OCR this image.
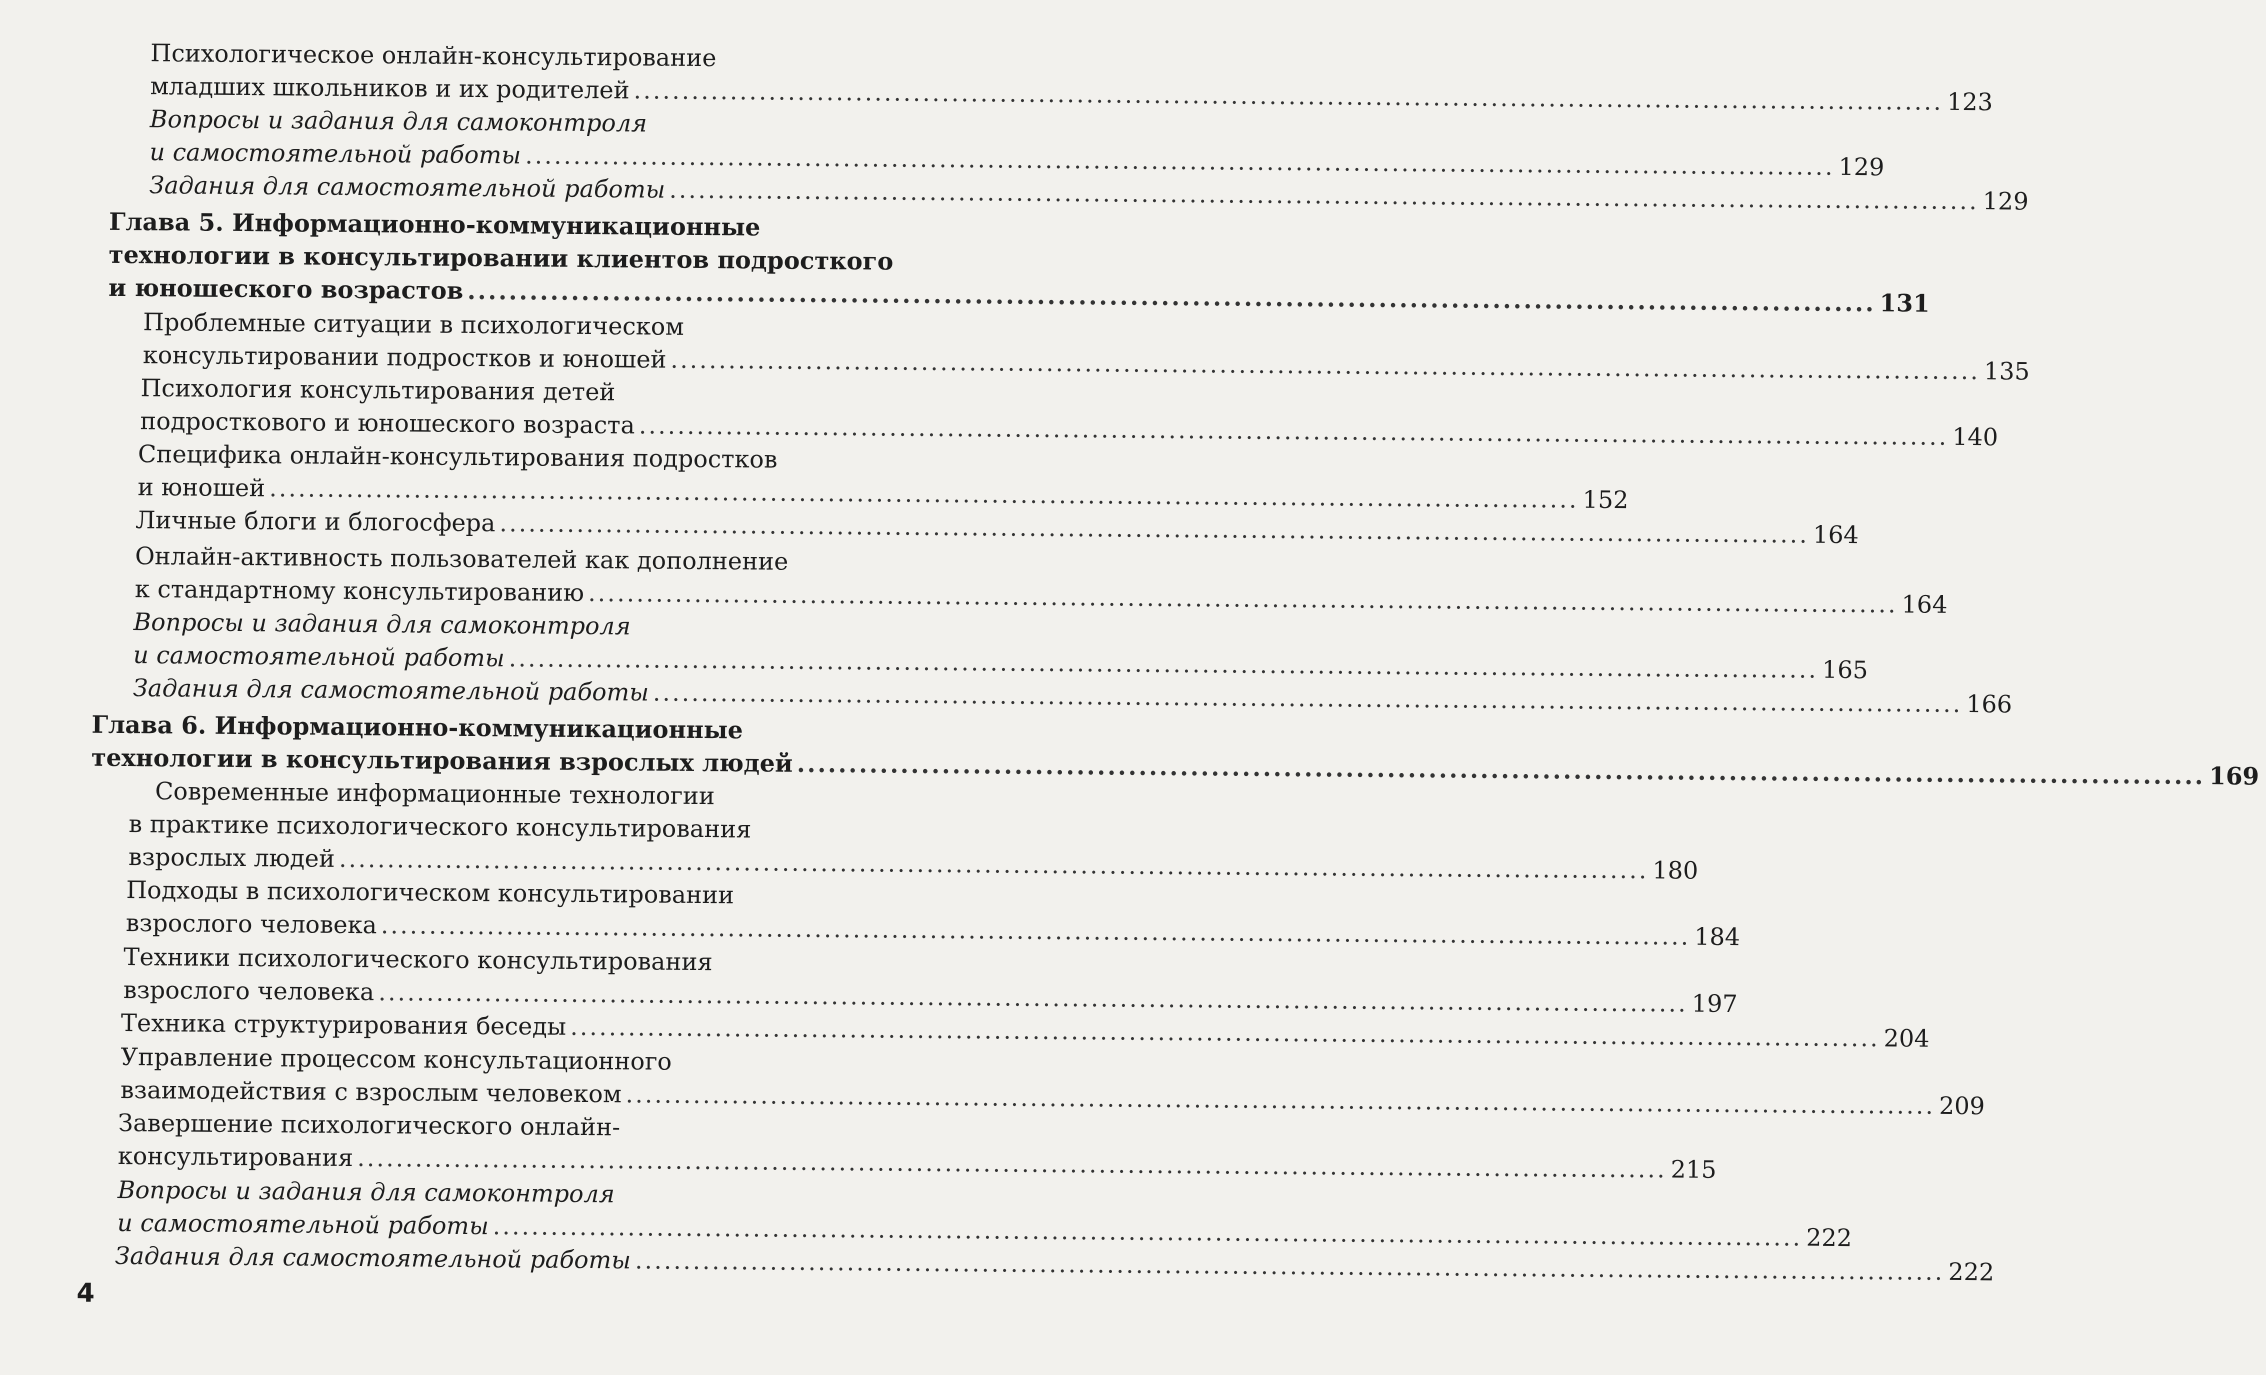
Психологическое онлайн-консультирование
младших школьников и их родителей ........................................................................................................................................ 123
Вопросы и задания для самоконтроля
и самостоятельной работы ........................................................................................................................................ 129
Задания для самостоятельной работы ........................................................................................................................................ 129
Глава 5. Информационно-коммуникационные
технологии в консультировании клиентов подросткого
и юношеского возрастов ........................................................................................................................................ 131
Проблемные ситуации в психологическом
консультировании подростков и юношей ........................................................................................................................................ 135
Психология консультирования детей
подросткового и юношеского возраста ........................................................................................................................................ 140
Специфика онлайн-консультирования подростков
и юношей ........................................................................................................................................ 152
Личные блоги и блогосфера ........................................................................................................................................ 164
Онлайн-активность пользователей как дополнение
к стандартному консультированию ........................................................................................................................................ 164
Вопросы и задания для самоконтроля
и самостоятельной работы ........................................................................................................................................ 165
Задания для самостоятельной работы ........................................................................................................................................ 166
Глава 6. Информационно-коммуникационные
технологии в консультирования взрослых людей ........................................................................................................................................ 169
Современные информационные технологии
в практике психологического консультирования
взрослых людей ........................................................................................................................................ 180
Подходы в психологическом консультировании
взрослого человека ........................................................................................................................................ 184
Техники психологического консультирования
взрослого человека ........................................................................................................................................ 197
Техника структурирования беседы ........................................................................................................................................ 204
Управление процессом консультационного
взаимодействия с взрослым человеком ........................................................................................................................................ 209
Завершение психологического онлайн-
консультирования ........................................................................................................................................ 215
Вопросы и задания для самоконтроля
и самостоятельной работы ........................................................................................................................................ 222
Задания для самостоятельной работы ........................................................................................................................................ 222
4
